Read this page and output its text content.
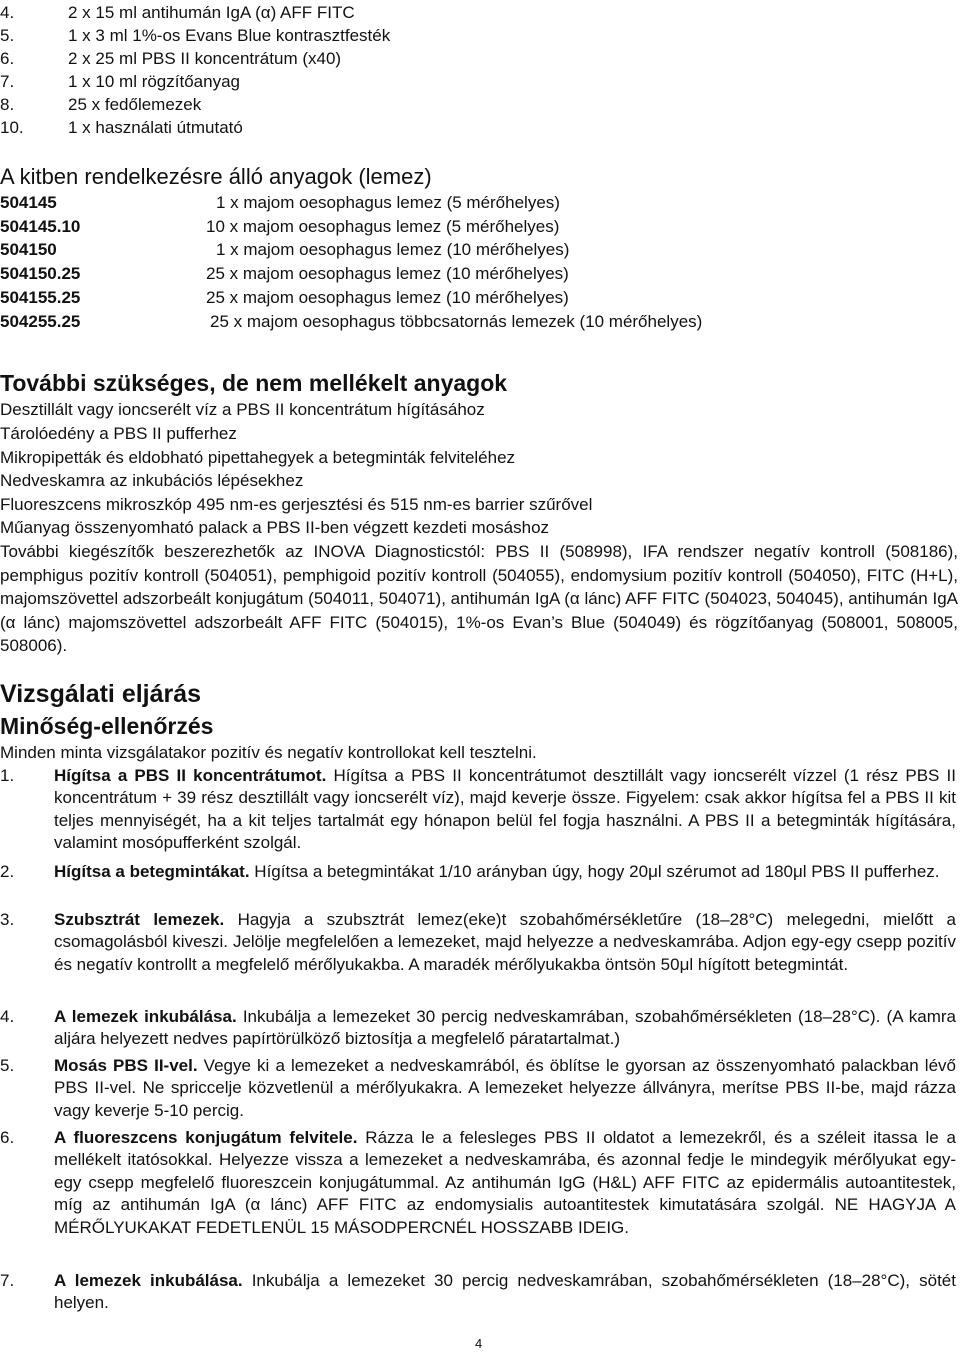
4.	2 x 15 ml antihumán IgA (α) AFF FITC
5.	1 x 3 ml 1%-os Evans Blue kontrasztfesték
6.	2 x 25 ml PBS II koncentrátum (x40)
7.	1 x 10 ml rögzítőanyag
8.	25 x fedőlemezek
10.	1 x használati útmutató
A kitben rendelkezésre álló anyagok (lemez)
504145	1 x majom oesophagus lemez (5 mérőhelyes)
504145.10	10 x majom oesophagus lemez (5 mérőhelyes)
504150	1 x majom oesophagus lemez (10 mérőhelyes)
504150.25	25 x majom oesophagus lemez (10 mérőhelyes)
504155.25	25 x majom oesophagus lemez (10 mérőhelyes)
504255.25	25 x majom oesophagus többcsatornás lemezek (10 mérőhelyes)
További szükséges, de nem mellékelt anyagok
Desztillált vagy ioncserélt víz a PBS II koncentrátum hígításához
Tárolóedény a PBS II pufferhez
Mikropipetták és eldobható pipettahegyek a betegminták felviteléhez
Nedveskamra az inkubációs lépésekhez
Fluoreszcens mikroszkóp 495 nm-es gerjesztési és 515 nm-es barrier szűrővel
Műanyag összenyomható palack a PBS II-ben végzett kezdeti mosáshoz

További kiegészítők beszerezhetők az INOVA Diagnosticstól: PBS II (508998), IFA rendszer negatív kontroll (508186), pemphigus pozitív kontroll (504051), pemphigoid pozitív kontroll (504055), endomysium pozitív kontroll (504050), FITC (H+L), majomszövettel adszorbeált konjugátum (504011, 504071), antihumán IgA (α lánc) AFF FITC (504023, 504045), antihumán IgA (α lánc) majomszövettel adszorbeált AFF FITC (504015), 1%-os Evan’s Blue (504049) és rögzítőanyag (508001, 508005, 508006).

Vizsgálati eljárás
Minőség-ellenőrzés
Minden minta vizsgálatakor pozitív és negatív kontrollokat kell tesztelni.
1. Hígítsa a PBS II koncentrátumot. Hígítsa a PBS II koncentrátumot desztillált vagy ioncserélt vízzel (1 rész PBS II koncentrátum + 39 rész desztillált vagy ioncserélt víz), majd keverje össze. Figyelem: csak akkor hígítsa fel a PBS II kit teljes mennyiségét, ha a kit teljes tartalmát egy hónapon belül fel fogja használni. A PBS II a betegminták hígítására, valamint mosópufferként szolgál.

2. Hígítsa a betegmintákat. Hígítsa a betegmintákat 1/10 arányban úgy, hogy 20μl szérumot ad 180μl PBS II pufferhez.

3. Szubsztrát lemezek. Hagyja a szubsztrát lemez(eke)t szobahőmérsékletűre (18–28°C) melegedni, mielőtt a csomagolásból kiveszi. Jelölje megfelelően a lemezeket, majd helyezze a nedveskamrába. Adjon egy-egy csepp pozitív és negatív kontrollt a megfelelő mérőlyukakba. A maradék mérőlyukakba öntsön 50μl hígított betegmintát.

4. A lemezek inkubálása. Inkubálja a lemezeket 30 percig nedveskamrában, szobahőmérsékleten (18–28°C). (A kamra aljára helyezett nedves papírtörülköző biztosítja a megfelelő páratartalmat.)

5. Mosás PBS II-vel. Vegye ki a lemezeket a nedveskamrából, és öblítse le gyorsan az összenyomható palackban lévő PBS II-vel. Ne spriccelje közvetlenül a mérőlyukakra. A lemezeket helyezze állványra, merítse PBS II-be, majd rázza vagy keverje 5-10 percig.

6. A fluoreszcens konjugátum felvitele. Rázza le a felesleges PBS II oldatot a lemezekről, és a széleit itassa le a mellékelt itatósokkal. Helyezze vissza a lemezeket a nedveskamrába, és azonnal fedje le mindegyik mérőlyukat egy-egy csepp megfelelő fluoreszcein konjugátummal. Az antihumán IgG (H&L) AFF FITC az epidermális autoantitestek, míg az antihumán IgA (α lánc) AFF FITC az endomysialis autoantitestek kimutatására szolgál. NE HAGYJA A MÉRŐLYUKAKAT FEDETLENÜL 15 MÁSODPERCNÉL HOSSZABB IDEIG.

7. A lemezek inkubálása. Inkubálja a lemezeket 30 percig nedveskamrában, szobahőmérsékleten (18–28°C), sötét helyen.

4
